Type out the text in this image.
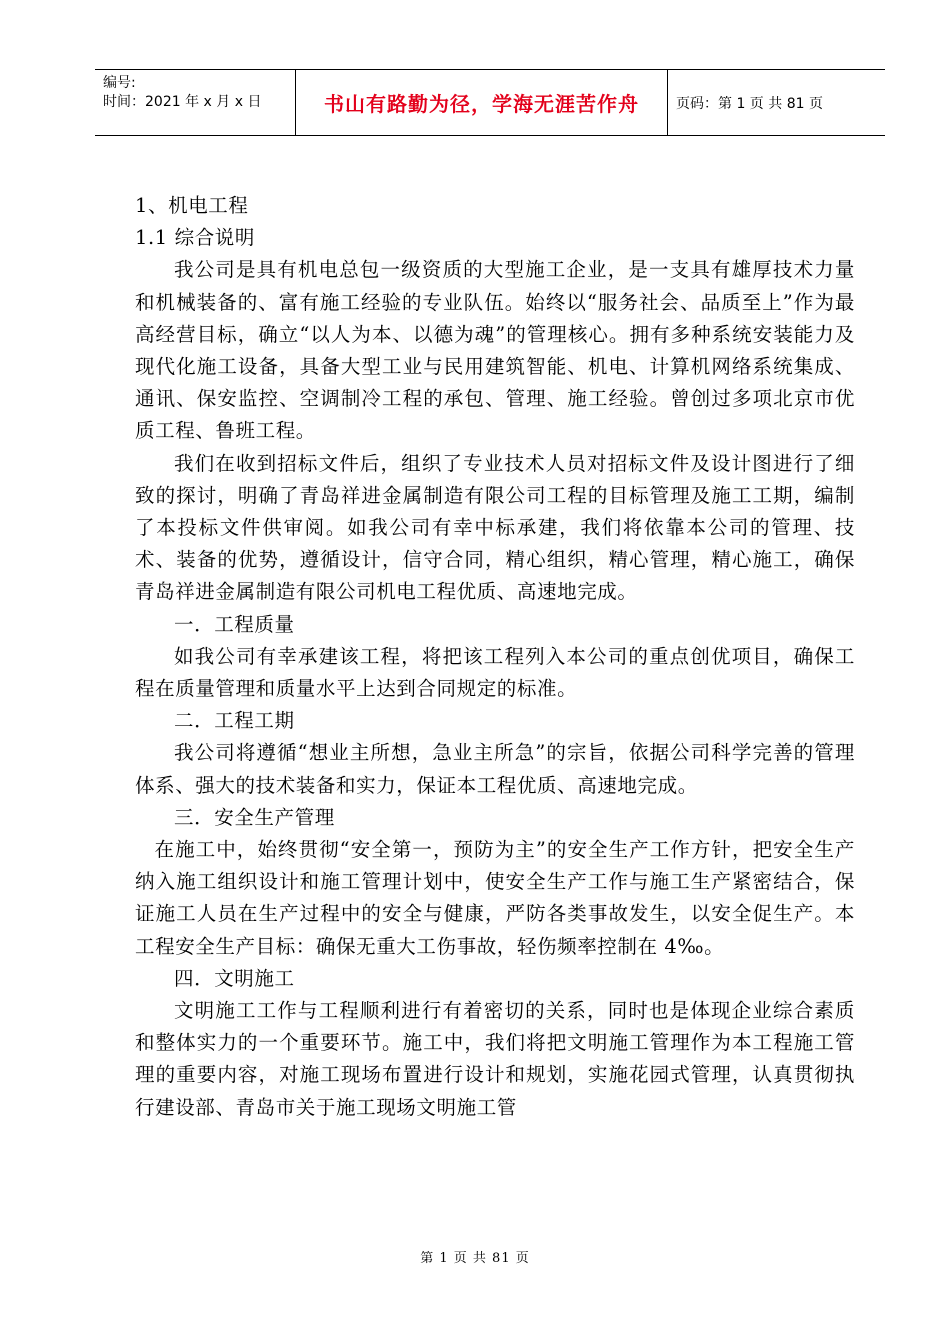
编号:
时间：2021 年 x 月 x 日	书山有路勤为径，学海无涯苦作舟	页码：第 1 页 共 81 页

1、机电工程

1.1 综合说明

我公司是具有机电总包一级资质的大型施工企业，是一支具有雄厚技术力量和机械装备的、富有施工经验的专业队伍。始终以“服务社会、品质至上”作为最高经营目标，确立“以人为本、以德为魂”的管理核心。拥有多种系统安装能力及现代化施工设备，具备大型工业与民用建筑智能、机电、计算机网络系统集成、通讯、保安监控、空调制冷工程的承包、管理、施工经验。曾创过多项北京市优质工程、鲁班工程。

我们在收到招标文件后，组织了专业技术人员对招标文件及设计图进行了细致的探讨，明确了青岛祥进金属制造有限公司工程的目标管理及施工工期，编制了本投标文件供审阅。如我公司有幸中标承建，我们将依靠本公司的管理、技术、装备的优势，遵循设计，信守合同，精心组织，精心管理，精心施工，确保青岛祥进金属制造有限公司机电工程优质、高速地完成。

一．工程质量

如我公司有幸承建该工程，将把该工程列入本公司的重点创优项目，确保工程在质量管理和质量水平上达到合同规定的标准。

二．工程工期

我公司将遵循“想业主所想，急业主所急”的宗旨，依据公司科学完善的管理体系、强大的技术装备和实力，保证本工程优质、高速地完成。

三．安全生产管理

在施工中，始终贯彻“安全第一，预防为主”的安全生产工作方针，把安全生产纳入施工组织设计和施工管理计划中，使安全生产工作与施工生产紧密结合，保证施工人员在生产过程中的安全与健康，严防各类事故发生，以安全促生产。本工程安全生产目标：确保无重大工伤事故，轻伤频率控制在 4‰。

四．文明施工

文明施工工作与工程顺利进行有着密切的关系，同时也是体现企业综合素质和整体实力的一个重要环节。施工中，我们将把文明施工管理作为本工程施工管理的重要内容，对施工现场布置进行设计和规划，实施花园式管理，认真贯彻执行建设部、青岛市关于施工现场文明施工管

第 1 页 共 81 页
